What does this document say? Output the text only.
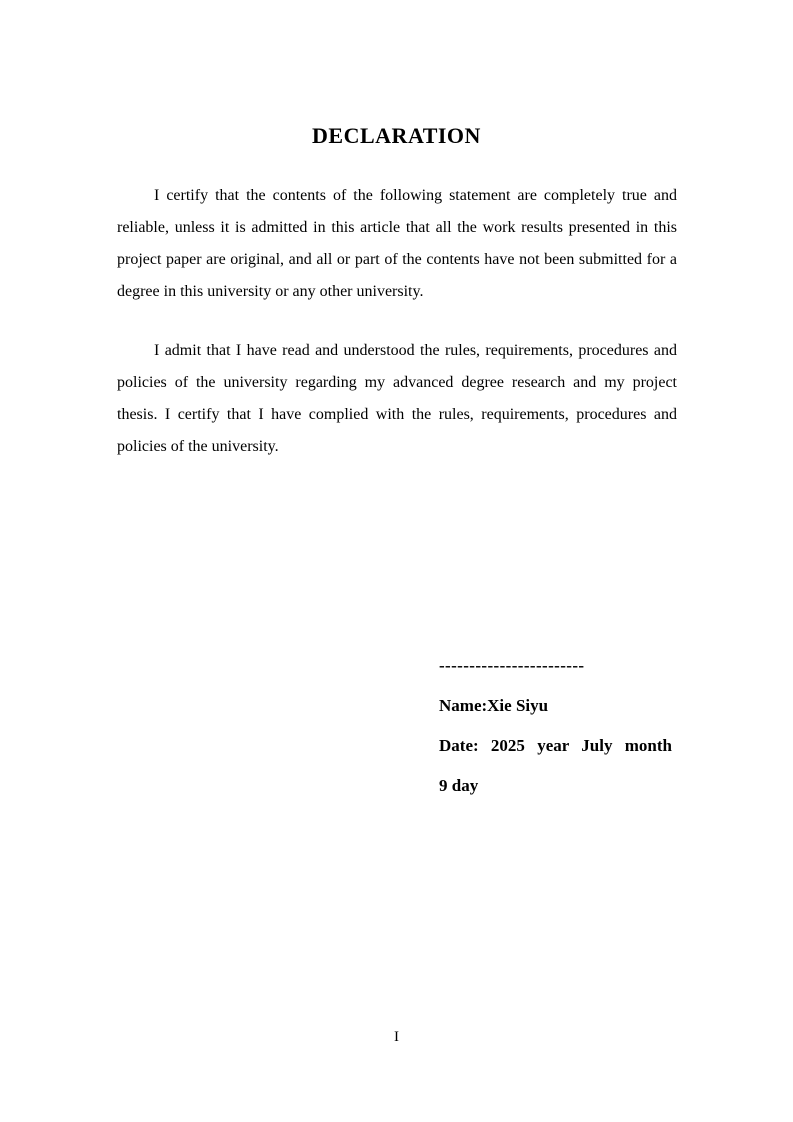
DECLARATION
I certify that the contents of the following statement are completely true and
reliable, unless it is admitted in this article that all the work results presented in this
project paper are original, and all or part of the contents have not been submitted for a
degree in this university or any other university.
I admit that I have read and understood the rules, requirements, procedures and
policies of the university regarding my advanced degree research and my project
thesis. I certify that I have complied with the rules, requirements, procedures and
policies of the university.
------------------------
Name:Xie Siyu
Date: 2025 year July month
9 day
I
